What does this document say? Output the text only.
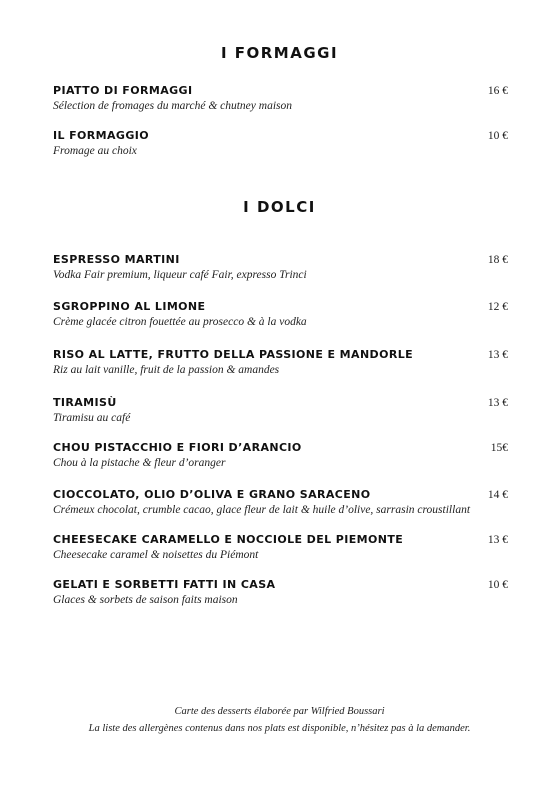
I FORMAGGI
PIATTO DI FORMAGGI
Sélection de fromages du marché & chutney maison
16 €
IL FORMAGGIO
Fromage au choix
10 €
I DOLCI
ESPRESSO MARTINI
Vodka Fair premium, liqueur café Fair, expresso Trinci
18 €
SGROPPINO AL LIMONE
Crème glacée citron fouettée au prosecco & à la vodka
12 €
RISO AL LATTE, FRUTTO DELLA PASSIONE E MANDORLE
Riz au lait vanille, fruit de la passion & amandes
13 €
TIRAMISÙ
Tiramisu au café
13 €
CHOU PISTACCHIO E FIORI D’ARANCIO
Chou à la pistache & fleur d’oranger
15€
CIOCCOLATO, OLIO D’OLIVA E GRANO SARACENO
Crémeux chocolat, crumble cacao, glace fleur de lait & huile d’olive, sarrasin croustillant
14 €
CHEESECAKE CARAMELLO E NOCCIOLE DEL PIEMONTE
Cheesecake caramel & noisettes du Piémont
13 €
GELATI E SORBETTI FATTI IN CASA
Glaces & sorbets de saison faits maison
10 €
Carte des desserts élaborée par Wilfried Boussari
La liste des allergènes contenus dans nos plats est disponible, n’hésitez pas à la demander.
